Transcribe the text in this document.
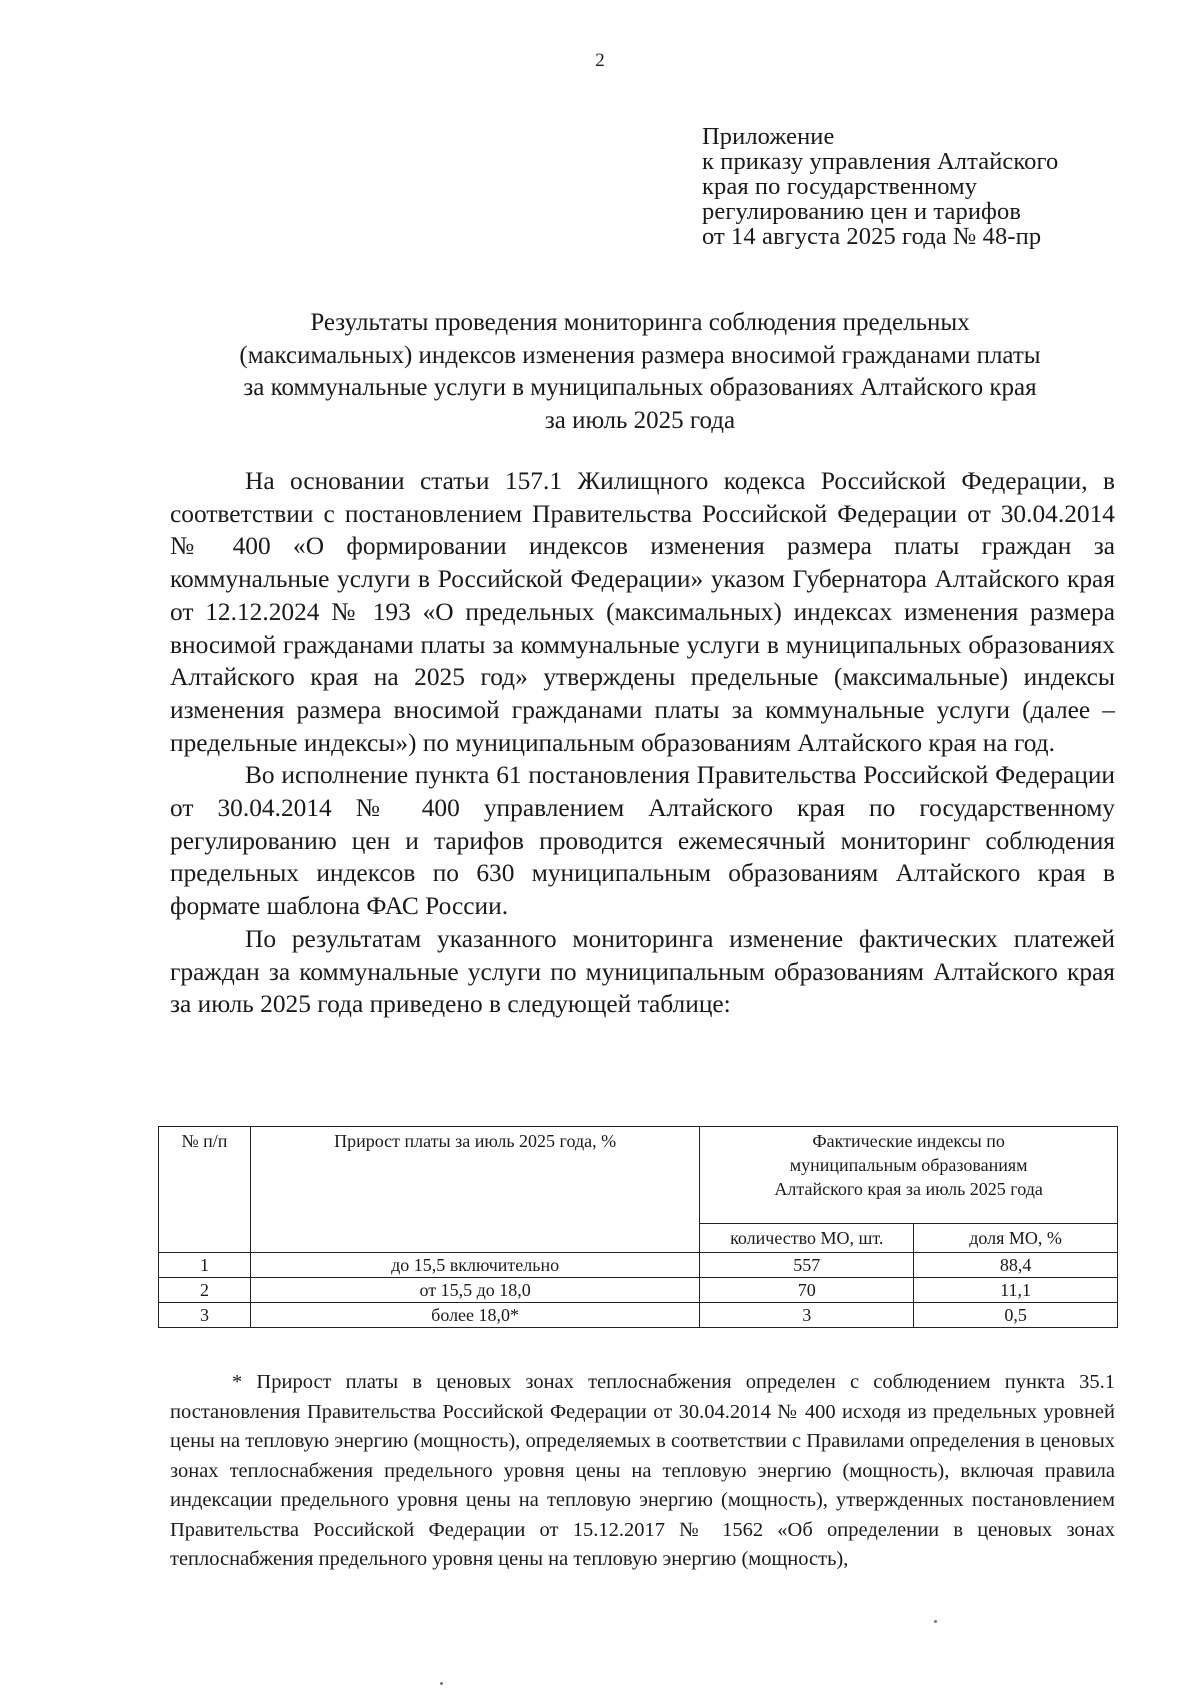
2
Приложение
к приказу управления Алтайского
края по государственному
регулированию цен и тарифов
от 14 августа 2025 года № 48-пр
Результаты проведения мониторинга соблюдения предельных
(максимальных) индексов изменения размера вносимой гражданами платы
за коммунальные услуги в муниципальных образованиях Алтайского края
за июль 2025 года

На основании статьи 157.1 Жилищного кодекса Российской Федерации, в соответствии с постановлением Правительства Российской Федерации от 30.04.2014 № 400 «О формировании индексов изменения размера платы граждан за коммунальные услуги в Российской Федерации» указом Губернатора Алтайского края от 12.12.2024 № 193 «О предельных (максимальных) индексах изменения размера вносимой гражданами платы за коммунальные услуги в муниципальных образованиях Алтайского края на 2025 год» утверждены предельные (максимальные) индексы изменения размера вносимой гражданами платы за коммунальные услуги (далее – предельные индексы») по муниципальным образованиям Алтайского края на год.

Во исполнение пункта 61 постановления Правительства Российской Федерации от 30.04.2014 № 400 управлением Алтайского края по государственному регулированию цен и тарифов проводится ежемесячный мониторинг соблюдения предельных индексов по 630 муниципальным образованиям Алтайского края в формате шаблона ФАС России.

По результатам указанного мониторинга изменение фактических платежей граждан за коммунальные услуги по муниципальным образованиям Алтайского края за июль 2025 года приведено в следующей таблице:

№ п/п	Прирост платы за июль 2025 года, %	Фактические индексы по муниципальным образованиям Алтайского края за июль 2025 года	
		количество МО, шт.	доля МО, %
1	до 15,5 включительно	557	88,4
2	от 15,5 до 18,0	70	11,1
3	более 18,0*	3	0,5

* Прирост платы в ценовых зонах теплоснабжения определен с соблюдением пункта 35.1 постановления Правительства Российской Федерации от 30.04.2014 № 400 исходя из предельных уровней цены на тепловую энергию (мощность), определяемых в соответствии с Правилами определения в ценовых зонах теплоснабжения предельного уровня цены на тепловую энергию (мощность), включая правила индексации предельного уровня цены на тепловую энергию (мощность), утвержденных постановлением Правительства Российской Федерации от 15.12.2017 № 1562 «Об определении в ценовых зонах теплоснабжения предельного уровня цены на тепловую энергию (мощность),
